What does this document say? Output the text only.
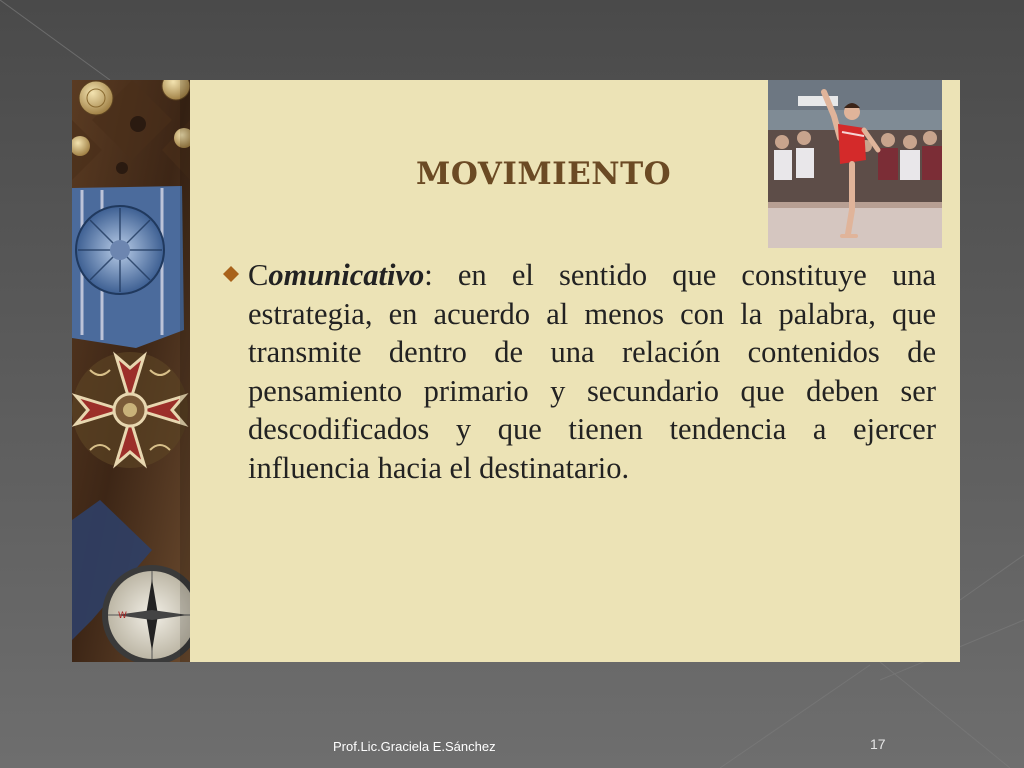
W
MOVIMIENTO

Comunicativo: en el sentido que constituye una estrategia, en acuerdo al menos con la palabra, que transmite dentro de una relación contenidos de pensamiento primario y secundario que deben ser descodificados y que tienen tendencia a ejercer influencia hacia el destinatario.

Prof.Lic.Graciela E.Sánchez	17
